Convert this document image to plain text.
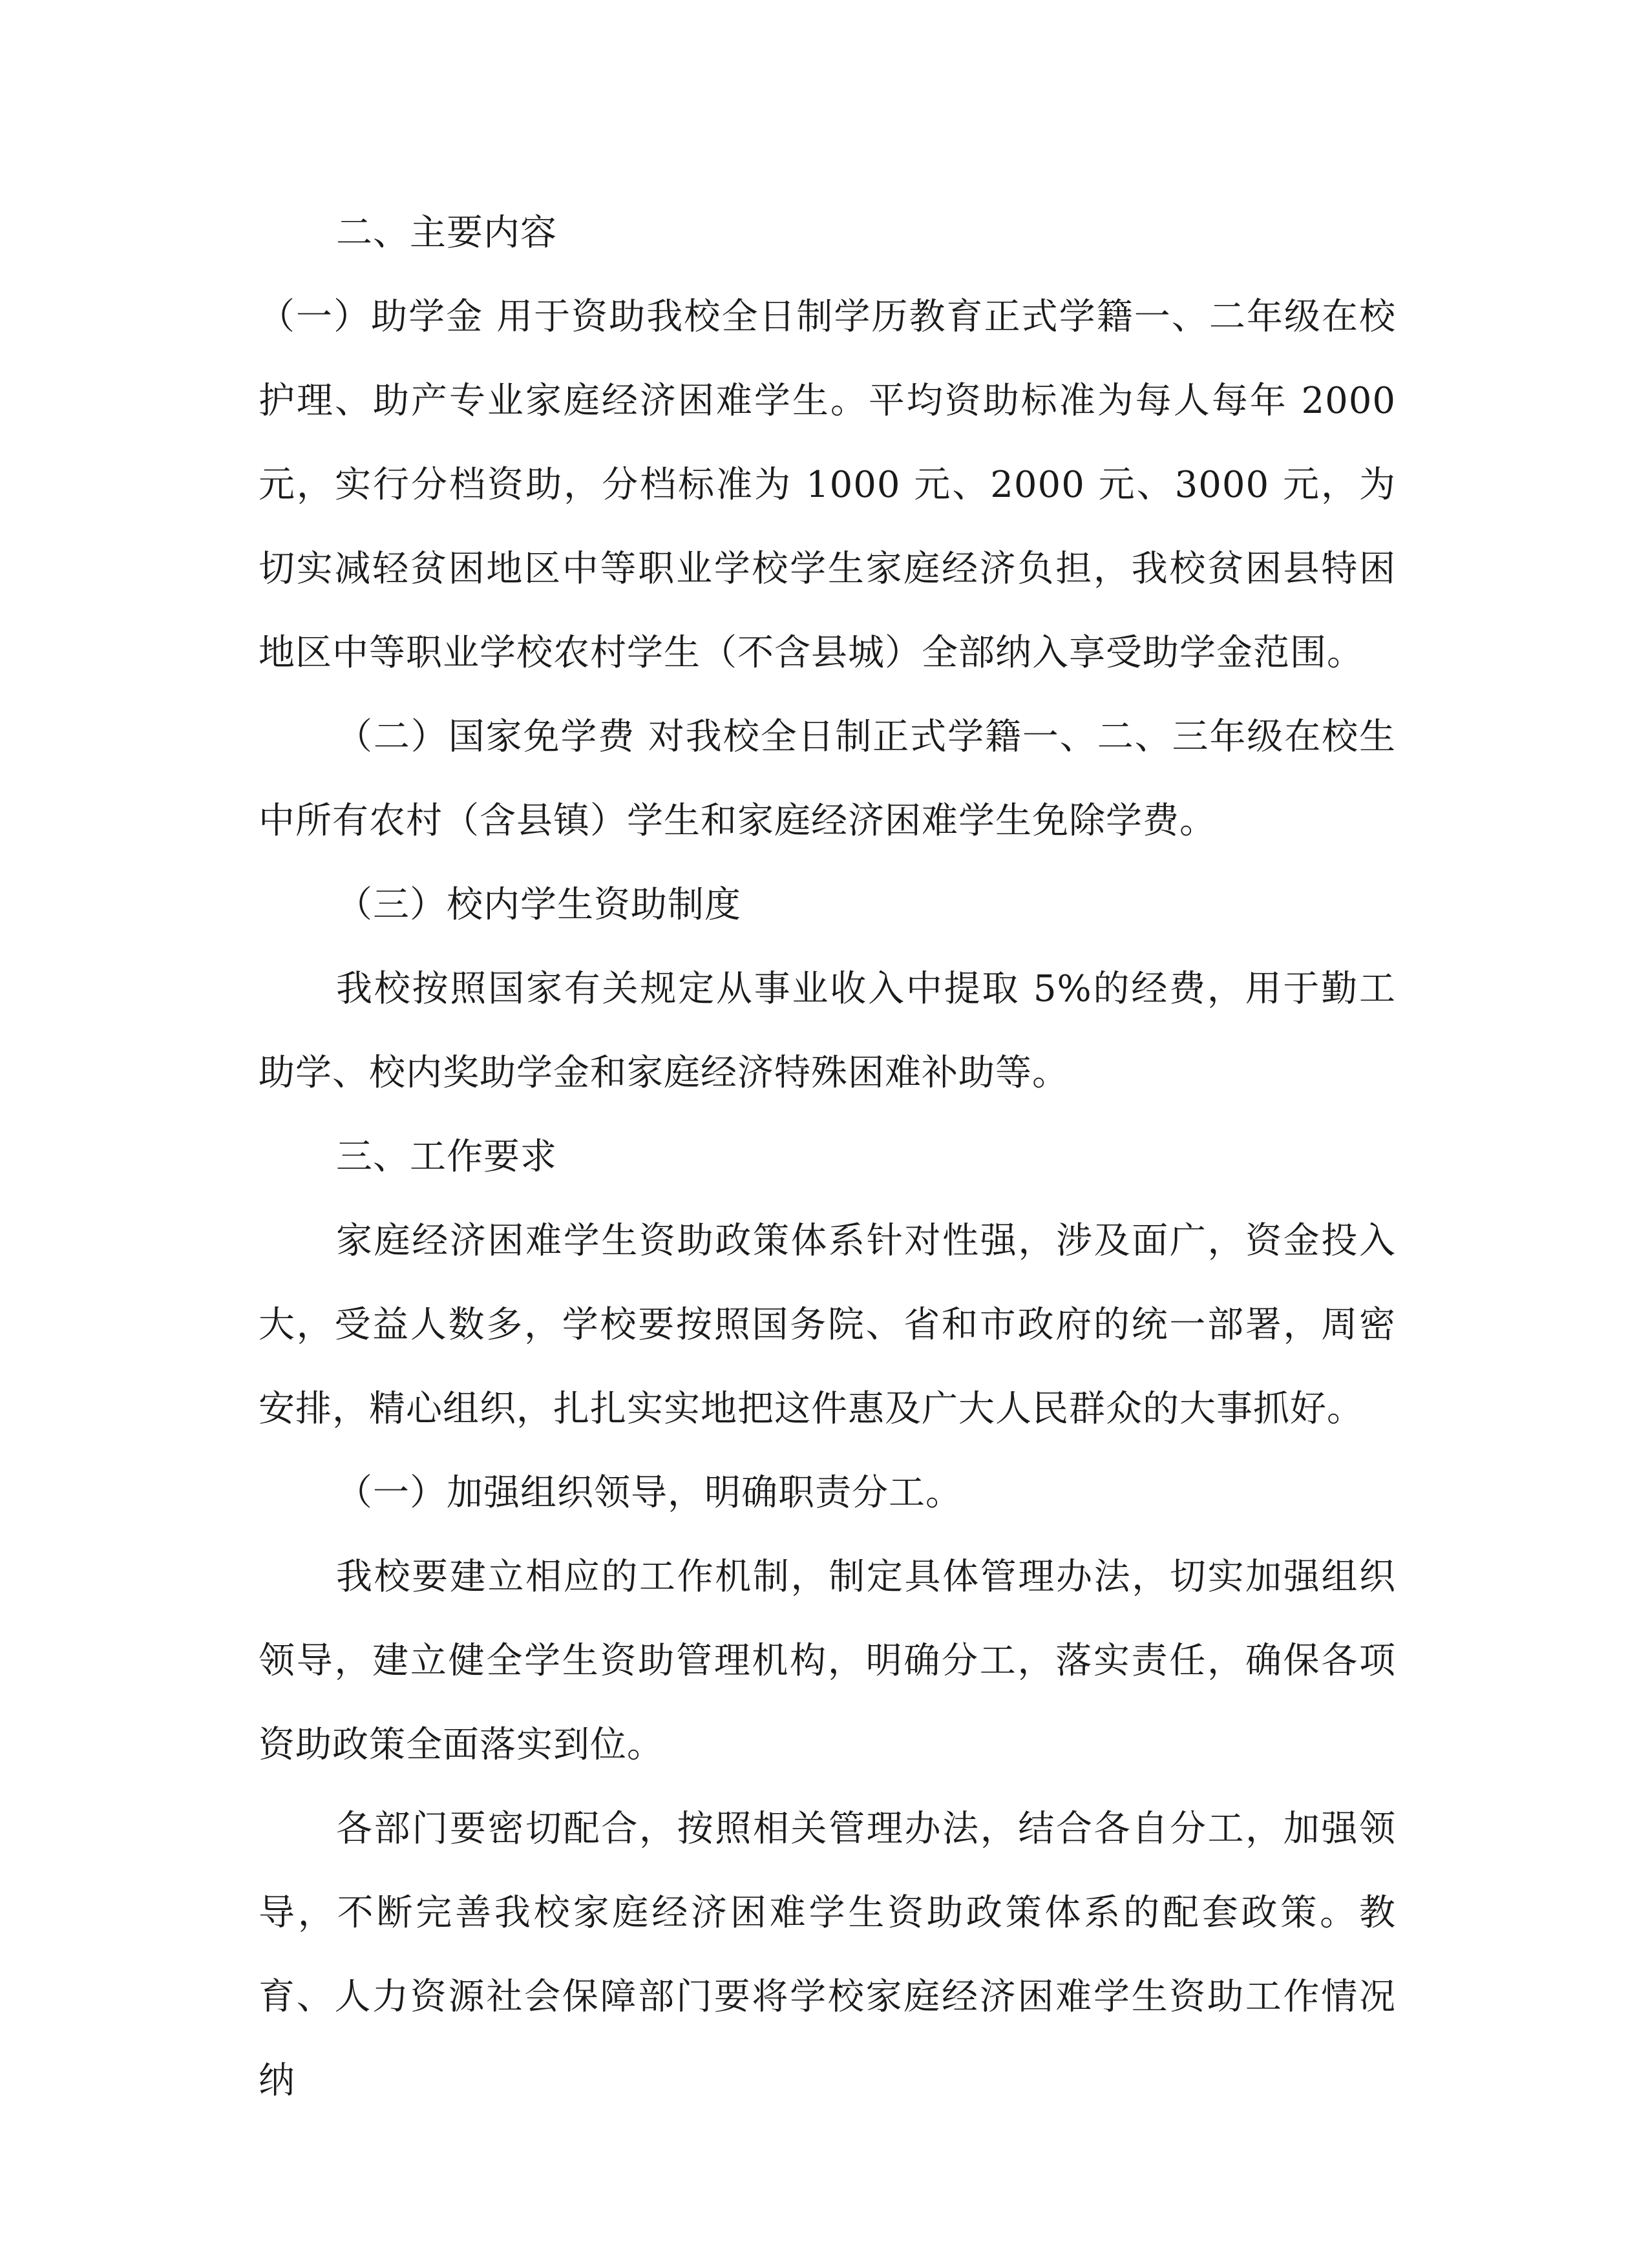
二、主要内容

（一）助学金 用于资助我校全日制学历教育正式学籍一、二年级在校护理、助产专业家庭经济困难学生。平均资助标准为每人每年 2000 元，实行分档资助，分档标准为 1000 元、2000 元、3000 元，为切实减轻贫困地区中等职业学校学生家庭经济负担，我校贫困县特困地区中等职业学校农村学生（不含县城）全部纳入享受助学金范围。

（二）国家免学费 对我校全日制正式学籍一、二、三年级在校生中所有农村（含县镇）学生和家庭经济困难学生免除学费。

（三）校内学生资助制度

我校按照国家有关规定从事业收入中提取 5%的经费，用于勤工助学、校内奖助学金和家庭经济特殊困难补助等。

三、工作要求

家庭经济困难学生资助政策体系针对性强，涉及面广，资金投入大，受益人数多，学校要按照国务院、省和市政府的统一部署，周密安排，精心组织，扎扎实实地把这件惠及广大人民群众的大事抓好。

（一）加强组织领导，明确职责分工。

我校要建立相应的工作机制，制定具体管理办法，切实加强组织领导，建立健全学生资助管理机构，明确分工，落实责任，确保各项资助政策全面落实到位。

各部门要密切配合，按照相关管理办法，结合各自分工，加强领导，不断完善我校家庭经济困难学生资助政策体系的配套政策。教育、人力资源社会保障部门要将学校家庭经济困难学生资助工作情况纳
